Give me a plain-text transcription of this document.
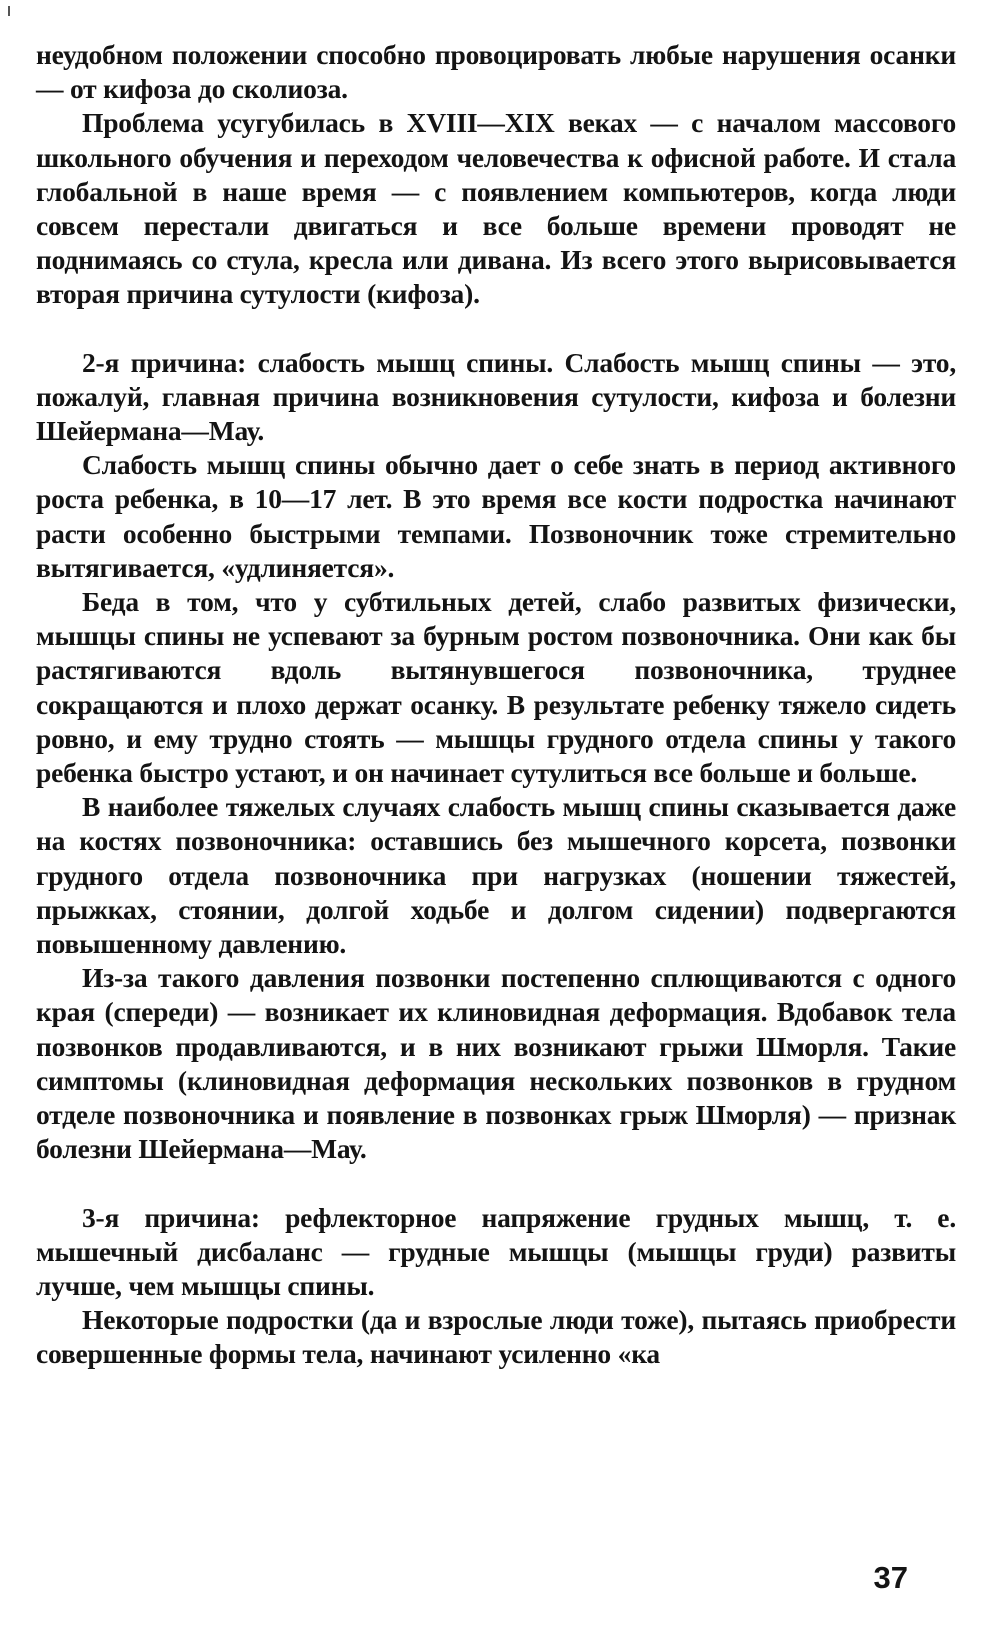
неудобном положении способно провоцировать любые нарушения осанки — от кифоза до сколиоза.

Проблема усугубилась в XVIII—XIX веках — с началом массового школьного обучения и переходом человечества к офисной работе. И стала глобальной в наше время — с появлением компьютеров, когда люди совсем перестали двигаться и все больше времени проводят не поднимаясь со стула, кресла или дивана. Из всего этого вырисовывается вторая причина сутулости (кифоза).

2-я причина: слабость мышц спины. Слабость мышц спины — это, пожалуй, главная причина возникновения сутулости, кифоза и болезни Шейермана—Мау.

Слабость мышц спины обычно дает о себе знать в период активного роста ребенка, в 10—17 лет. В это время все кости подростка начинают расти особенно быстрыми темпами. Позвоночник тоже стремительно вытягивается, «удлиняется».

Беда в том, что у субтильных детей, слабо развитых физически, мышцы спины не успевают за бурным ростом позвоночника. Они как бы растягиваются вдоль вытянувшегося позвоночника, труднее сокращаются и плохо держат осанку. В результате ребенку тяжело сидеть ровно, и ему трудно стоять — мышцы грудного отдела спины у такого ребенка быстро устают, и он начинает сутулиться все больше и больше.

В наиболее тяжелых случаях слабость мышц спины сказывается даже на костях позвоночника: оставшись без мышечного корсета, позвонки грудного отдела позвоночника при нагрузках (ношении тяжестей, прыжках, стоянии, долгой ходьбе и долгом сидении) подвергаются повышенному давлению.

Из-за такого давления позвонки постепенно сплющиваются с одного края (спереди) — возникает их клиновидная деформация. Вдобавок тела позвонков продавливаются, и в них возникают грыжи Шморля. Такие симптомы (клиновидная деформация нескольких позвонков в грудном отделе позвоночника и появление в позвонках грыж Шморля) — признак болезни Шейермана—Мау.

3-я причина: рефлекторное напряжение грудных мышц, т. е. мышечный дисбаланс — грудные мышцы (мышцы груди) развиты лучше, чем мышцы спины.

Некоторые подростки (да и взрослые люди тоже), пытаясь приобрести совершенные формы тела, начинают усиленно «ка

37
